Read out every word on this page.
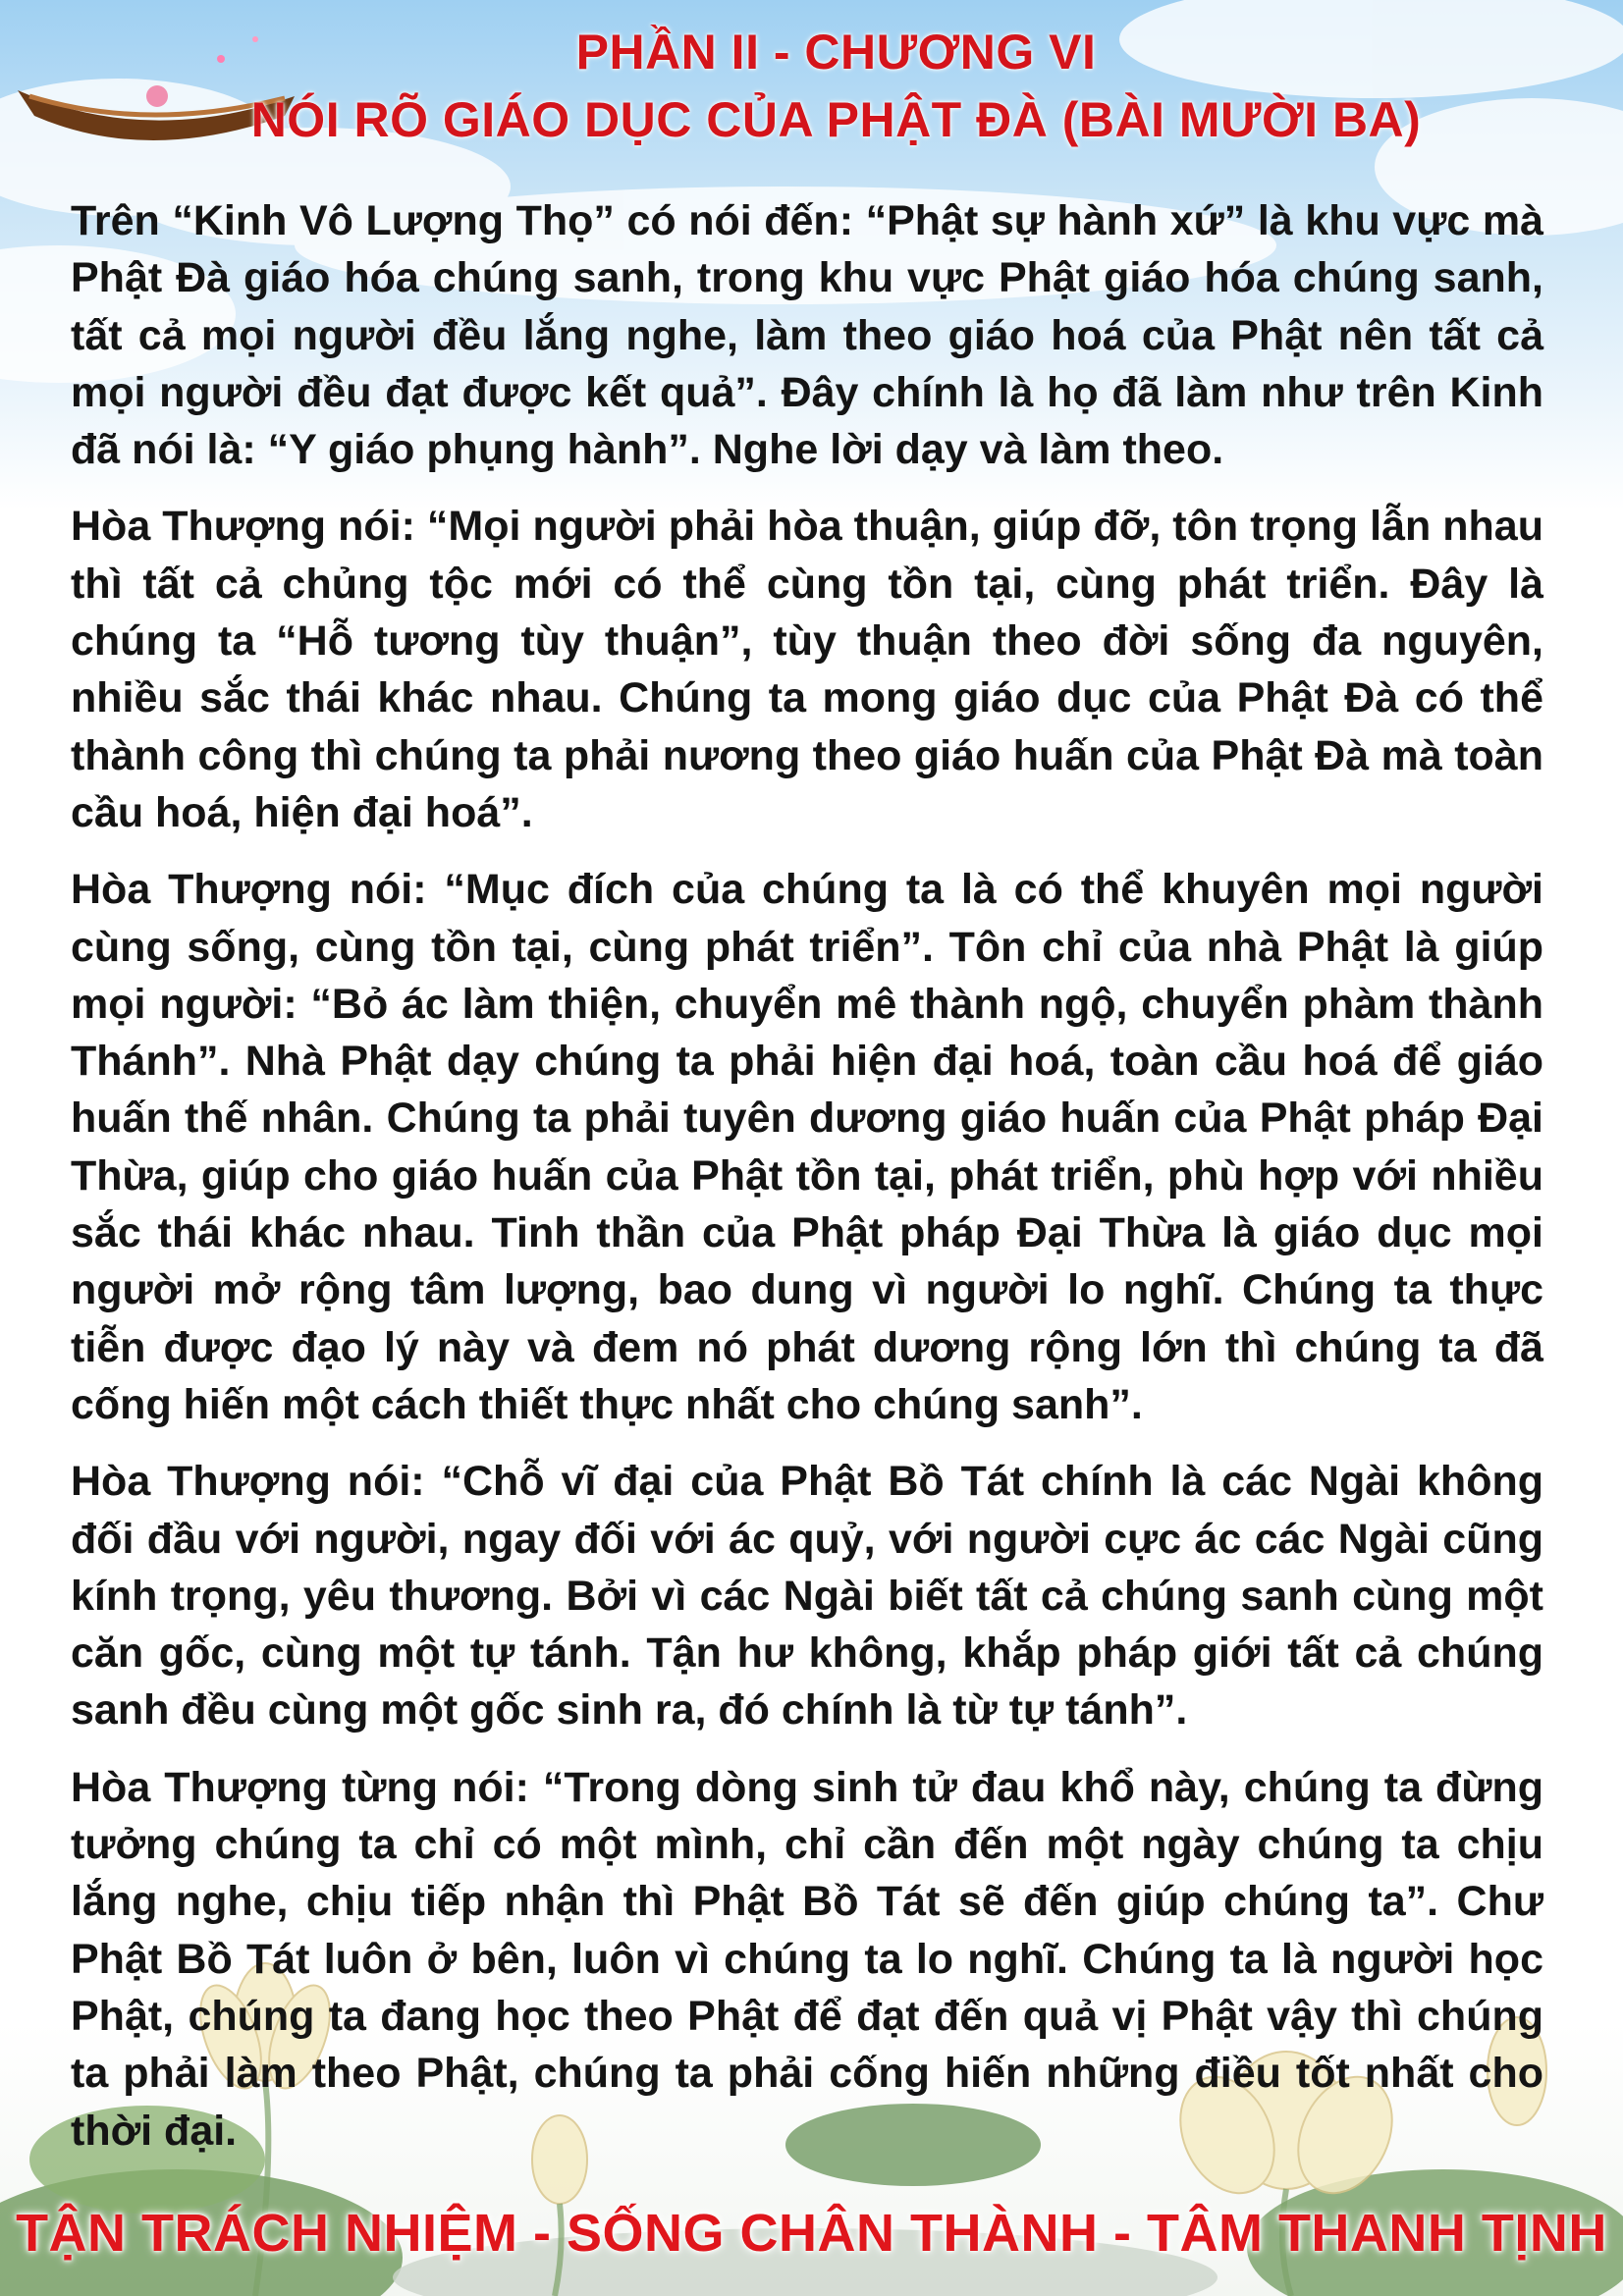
PHẦN II - CHƯƠNG VI
NÓI RÕ GIÁO DỤC CỦA PHẬT ĐÀ (BÀI MƯỜI BA)

Trên “Kinh Vô Lượng Thọ” có nói đến: “Phật sự hành xứ” là khu vực mà Phật Đà giáo hóa chúng sanh, trong khu vực Phật giáo hóa chúng sanh, tất cả mọi người đều lắng nghe, làm theo giáo hoá của Phật nên tất cả mọi người đều đạt được kết quả”. Đây chính là họ đã làm như trên Kinh đã nói là: “Y giáo phụng hành”. Nghe lời dạy và làm theo.

Hòa Thượng nói: “Mọi người phải hòa thuận, giúp đỡ, tôn trọng lẫn nhau thì tất cả chủng tộc mới có thể cùng tồn tại, cùng phát triển. Đây là chúng ta “Hỗ tương tùy thuận”, tùy thuận theo đời sống đa nguyên, nhiều sắc thái khác nhau. Chúng ta mong giáo dục của Phật Đà có thể thành công thì chúng ta phải nương theo giáo huấn của Phật Đà mà toàn cầu hoá, hiện đại hoá”.

Hòa Thượng nói: “Mục đích của chúng ta là có thể khuyên mọi người cùng sống, cùng tồn tại, cùng phát triển”. Tôn chỉ của nhà Phật là giúp mọi người: “Bỏ ác làm thiện, chuyển mê thành ngộ, chuyển phàm thành Thánh”. Nhà Phật dạy chúng ta phải hiện đại hoá, toàn cầu hoá để giáo huấn thế nhân. Chúng ta phải tuyên dương giáo huấn của Phật pháp Đại Thừa, giúp cho giáo huấn của Phật tồn tại, phát triển, phù hợp với nhiều sắc thái khác nhau. Tinh thần của Phật pháp Đại Thừa là giáo dục mọi người mở rộng tâm lượng, bao dung vì người lo nghĩ. Chúng ta thực tiễn được đạo lý này và đem nó phát dương rộng lớn thì chúng ta đã cống hiến một cách thiết thực nhất cho chúng sanh”.

Hòa Thượng nói: “Chỗ vĩ đại của Phật Bồ Tát chính là các Ngài không đối đầu với người, ngay đối với ác quỷ, với người cực ác các Ngài cũng kính trọng, yêu thương. Bởi vì các Ngài biết tất cả chúng sanh cùng một căn gốc, cùng một tự tánh. Tận hư không, khắp pháp giới tất cả chúng sanh đều cùng một gốc sinh ra, đó chính là từ tự tánh”.

Hòa Thượng từng nói: “Trong dòng sinh tử đau khổ này, chúng ta đừng tưởng chúng ta chỉ có một mình, chỉ cần đến một ngày chúng ta chịu lắng nghe, chịu tiếp nhận thì Phật Bồ Tát sẽ đến giúp chúng ta”. Chư Phật Bồ Tát luôn ở bên, luôn vì chúng ta lo nghĩ. Chúng ta là người học Phật, chúng ta đang học theo Phật để đạt đến quả vị Phật vậy thì chúng ta phải làm theo Phật, chúng ta phải cống hiến những điều tốt nhất cho thời đại.

TẬN TRÁCH NHIỆM - SỐNG CHÂN THÀNH - TÂM THANH TỊNH
